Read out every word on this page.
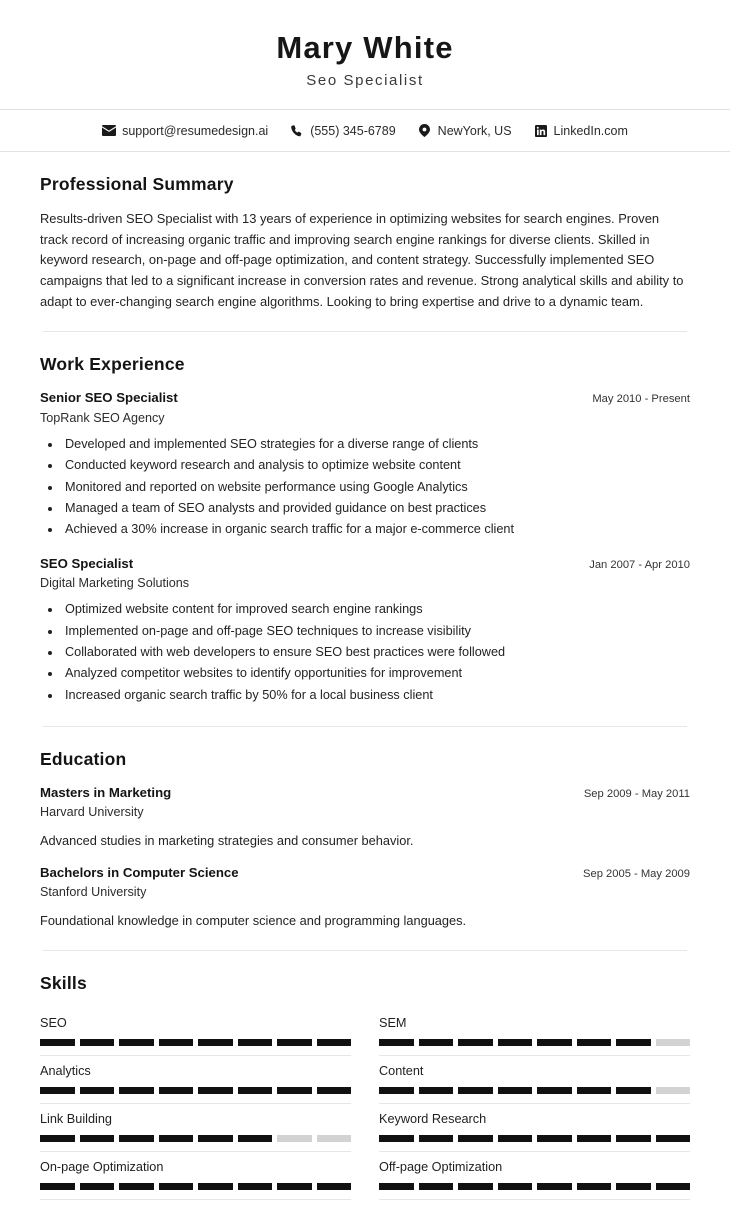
Mary White

Seo Specialist

support@resumedesign.ai	(555) 345-6789	NewYork, US	LinkedIn.com
Professional Summary

Results-driven SEO Specialist with 13 years of experience in optimizing websites for search engines. Proven track record of increasing organic traffic and improving search engine rankings for diverse clients. Skilled in keyword research, on-page and off-page optimization, and content strategy. Successfully implemented SEO campaigns that led to a significant increase in conversion rates and revenue. Strong analytical skills and ability to adapt to ever-changing search engine algorithms. Looking to bring expertise and drive to a dynamic team.

Work Experience
Senior SEO Specialist	May 2010 - Present

TopRank SEO Agency

• Developed and implemented SEO strategies for a diverse range of clients
• Conducted keyword research and analysis to optimize website content
• Monitored and reported on website performance using Google Analytics
• Managed a team of SEO analysts and provided guidance on best practices
• Achieved a 30% increase in organic search traffic for a major e-commerce client
SEO Specialist	Jan 2007 - Apr 2010

Digital Marketing Solutions

• Optimized website content for improved search engine rankings
• Implemented on-page and off-page SEO techniques to increase visibility
• Collaborated with web developers to ensure SEO best practices were followed
• Analyzed competitor websites to identify opportunities for improvement
• Increased organic search traffic by 50% for a local business client
Education
Masters in Marketing	Sep 2009 - May 2011

Harvard University

Advanced studies in marketing strategies and consumer behavior.

Bachelors in Computer Science	Sep 2005 - May 2009

Stanford University

Foundational knowledge in computer science and programming languages.

Skills
SEO	SEM
Analytics	Content
Link Building	Keyword Research
On-page Optimization	Off-page Optimization
